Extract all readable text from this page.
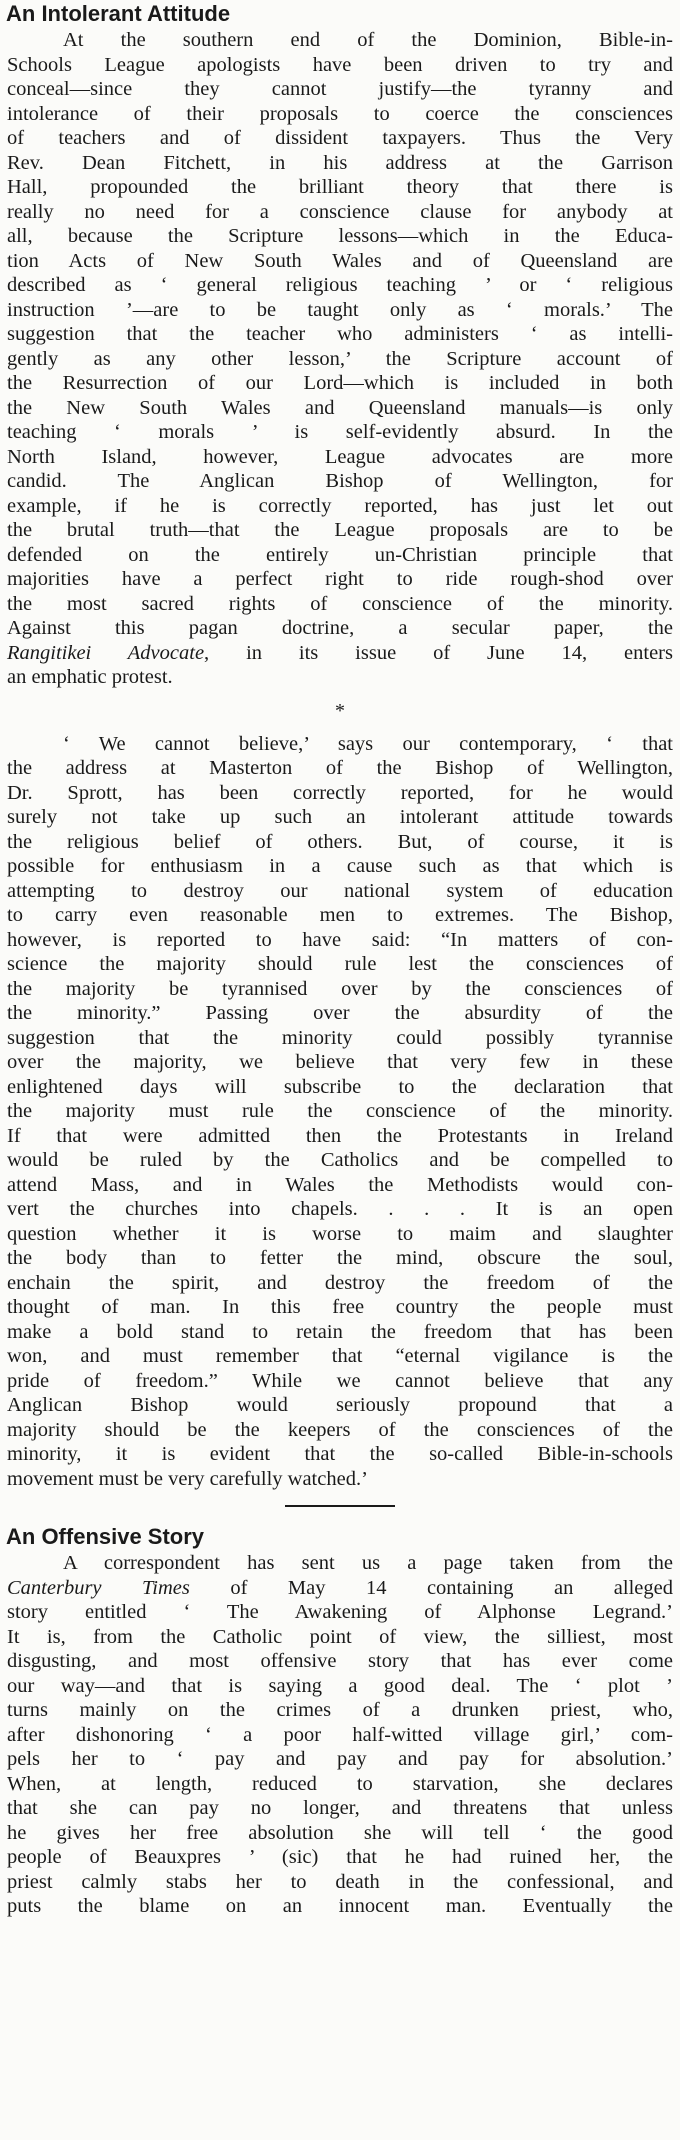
An Intolerant Attitude
At the southern end of the Dominion, Bible-in-
Schools League apologists have been driven to try and
conceal—since they cannot justify—the tyranny and
intolerance of their proposals to coerce the consciences
of teachers and of dissident taxpayers. Thus the Very
Rev. Dean Fitchett, in his address at the Garrison
Hall, propounded the brilliant theory that there is
really no need for a conscience clause for anybody at
all, because the Scripture lessons—which in the Educa-
tion Acts of New South Wales and of Queensland are
described as ‘ general religious teaching ’ or ‘ religious
instruction ’—are to be taught only as ‘ morals.’ The
suggestion that the teacher who administers ‘ as intelli-
gently as any other lesson,’ the Scripture account of
the Resurrection of our Lord—which is included in both
the New South Wales and Queensland manuals—is only
teaching ‘ morals ’ is self-evidently absurd. In the
North Island, however, League advocates are more
candid. The Anglican Bishop of Wellington, for
example, if he is correctly reported, has just let out
the brutal truth—that the League proposals are to be
defended on the entirely un-Christian principle that
majorities have a perfect right to ride rough-shod over
the most sacred rights of conscience of the minority.
Against this pagan doctrine, a secular paper, the
Rangitikei Advocate, in its issue of June 14, enters
an emphatic protest.
*
‘ We cannot believe,’ says our contemporary, ‘ that
the address at Masterton of the Bishop of Wellington,
Dr. Sprott, has been correctly reported, for he would
surely not take up such an intolerant attitude towards
the religious belief of others. But, of course, it is
possible for enthusiasm in a cause such as that which is
attempting to destroy our national system of education
to carry even reasonable men to extremes. The Bishop,
however, is reported to have said: “In matters of con-
science the majority should rule lest the consciences of
the majority be tyrannised over by the consciences of
the minority.” Passing over the absurdity of the
suggestion that the minority could possibly tyrannise
over the majority, we believe that very few in these
enlightened days will subscribe to the declaration that
the majority must rule the conscience of the minority.
If that were admitted then the Protestants in Ireland
would be ruled by the Catholics and be compelled to
attend Mass, and in Wales the Methodists would con-
vert the churches into chapels. . . . It is an open
question whether it is worse to maim and slaughter
the body than to fetter the mind, obscure the soul,
enchain the spirit, and destroy the freedom of the
thought of man. In this free country the people must
make a bold stand to retain the freedom that has been
won, and must remember that “eternal vigilance is the
pride of freedom.” While we cannot believe that any
Anglican Bishop would seriously propound that a
majority should be the keepers of the consciences of the
minority, it is evident that the so-called Bible-in-schools
movement must be very carefully watched.’
An Offensive Story
A correspondent has sent us a page taken from the
Canterbury Times of May 14 containing an alleged
story entitled ‘ The Awakening of Alphonse Legrand.’
It is, from the Catholic point of view, the silliest, most
disgusting, and most offensive story that has ever come
our way—and that is saying a good deal. The ‘ plot ’
turns mainly on the crimes of a drunken priest, who,
after dishonoring ‘ a poor half-witted village girl,’ com-
pels her to ‘ pay and pay and pay for absolution.’
When, at length, reduced to starvation, she declares
that she can pay no longer, and threatens that unless
he gives her free absolution she will tell ‘ the good
people of Beauxpres ’ (sic) that he had ruined her, the
priest calmly stabs her to death in the confessional, and
puts the blame on an innocent man. Eventually the
